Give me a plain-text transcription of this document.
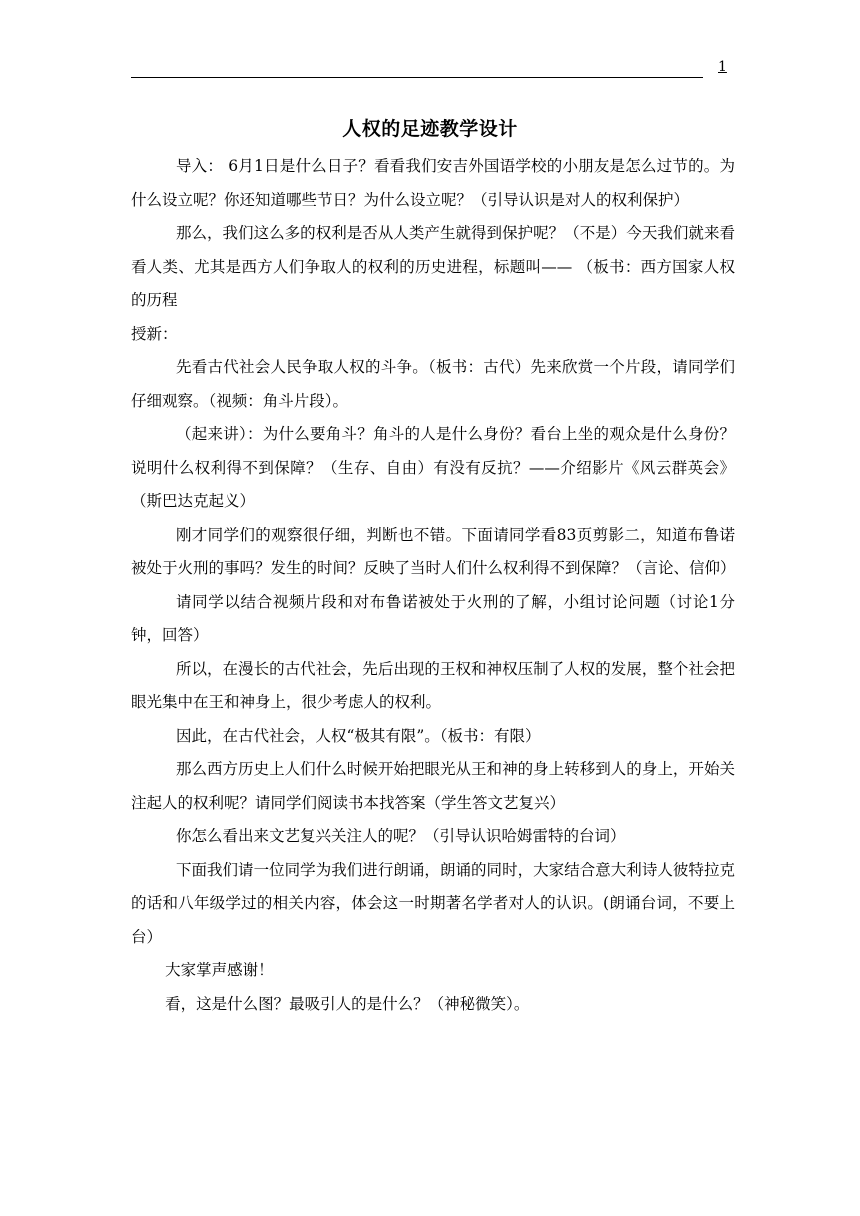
1
人权的足迹教学设计

导入： 6月1日是什么日子？看看我们安吉外国语学校的小朋友是怎么过节的。为什么设立呢？你还知道哪些节日？为什么设立呢？（引导认识是对人的权利保护）

那么，我们这么多的权利是否从人类产生就得到保护呢？（不是）今天我们就来看看人类、尤其是西方人们争取人的权利的历史进程，标题叫—— （板书：西方国家人权的历程

授新：

先看古代社会人民争取人权的斗争。（板书：古代）先来欣赏一个片段，请同学们仔细观察。（视频：角斗片段）。

（起来讲）：为什么要角斗？角斗的人是什么身份？看台上坐的观众是什么身份？说明什么权利得不到保障？（生存、自由）有没有反抗？——介绍影片《风云群英会》（斯巴达克起义）

刚才同学们的观察很仔细，判断也不错。下面请同学看83页剪影二，知道布鲁诺被处于火刑的事吗？发生的时间？反映了当时人们什么权利得不到保障？（言论、信仰）

请同学以结合视频片段和对布鲁诺被处于火刑的了解，小组讨论问题（讨论1分钟，回答）

所以，在漫长的古代社会，先后出现的王权和神权压制了人权的发展，整个社会把眼光集中在王和神身上，很少考虑人的权利。

因此，在古代社会，人权“极其有限”。（板书：有限）

那么西方历史上人们什么时候开始把眼光从王和神的身上转移到人的身上，开始关注起人的权利呢？请同学们阅读书本找答案（学生答文艺复兴）

你怎么看出来文艺复兴关注人的呢？（引导认识哈姆雷特的台词）

下面我们请一位同学为我们进行朗诵，朗诵的同时，大家结合意大利诗人彼特拉克的话和八年级学过的相关内容，体会这一时期著名学者对人的认识。(朗诵台词，不要上台）

大家掌声感谢！

看，这是什么图？最吸引人的是什么？（神秘微笑）。
